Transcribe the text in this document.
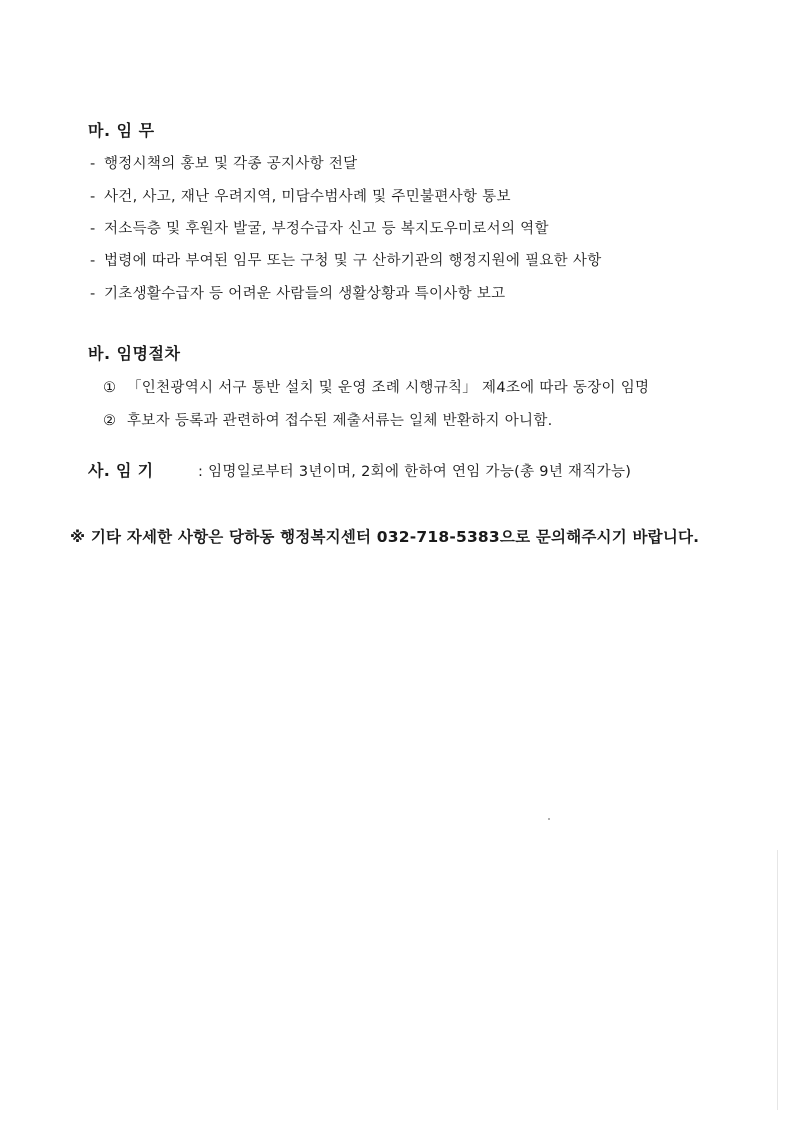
마. 임 무
- 행정시책의 홍보 및 각종 공지사항 전달
- 사건, 사고, 재난 우려지역, 미담수범사례 및 주민불편사항 통보
- 저소득층 및 후원자 발굴, 부정수급자 신고 등 복지도우미로서의 역할
- 법령에 따라 부여된 임무 또는 구청 및 구 산하기관의 행정지원에 필요한 사항
- 기초생활수급자 등 어려운 사람들의 생활상황과 특이사항 보고
바. 임명절차
① 「인천광역시 서구 통반 설치 및 운영 조례 시행규칙」 제4조에 따라 동장이 임명
② 후보자 등록과 관련하여 접수된 제출서류는 일체 반환하지 아니함.
사. 임 기	: 임명일로부터 3년이며, 2회에 한하여 연임 가능(총 9년 재직가능)
※ 기타 자세한 사항은 당하동 행정복지센터 032-718-5383으로 문의해주시기 바랍니다.
